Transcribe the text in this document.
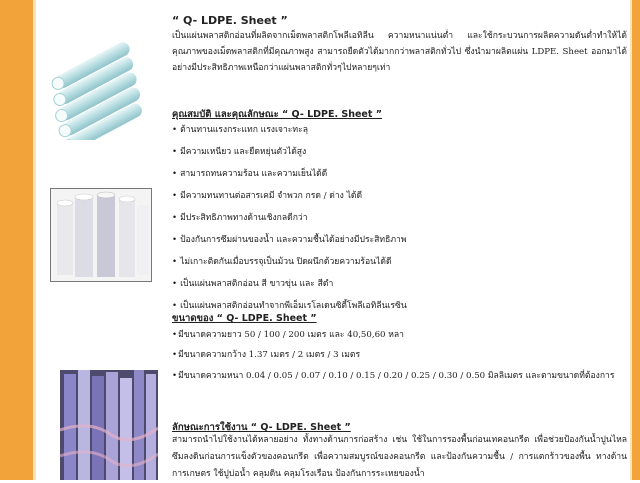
“ Q- LDPE. Sheet ”
เป็นแผ่นพลาสติกอ่อนที่ผลิตจากเม็ดพลาสติกโพลีเอทิลีน ความหนาแน่นต่ำ และใช้กระบวนการผลิตความดันต่ำทำให้ได้คุณภาพของเม็ดพลาสติกที่มีคุณภาพสูง สามารถยืดตัวได้มากกว่าพลาสติกทั่วไป ซึ่งนำมาผลิตแผ่น LDPE. Sheet ออกมาได้อย่างมีประสิทธิภาพเหนือกว่าแผ่นพลาสติกทั่วๆไปหลายๆเท่า
คุณสมบัติ และคุณลักษณะ “ Q- LDPE. Sheet ”
• ต้านทานแรงกระแทก แรงเจาะทะลุ
• มีความเหนียว และยืดหยุ่นตัวได้สูง
• สามารถทนความร้อน และความเย็นได้ดี
• มีความทนทานต่อสารเคมี จำพวก กรด / ด่าง ได้ดี
• มีประสิทธิภาพทางด้านเชิงกลดีกว่า
• ป้องกันการซึมผ่านของน้ำ และความชื้นได้อย่างมีประสิทธิภาพ
• ไม่เกาะติดกันเมื่อบรรจุเป็นม้วน ปิดผนึกด้วยความร้อนได้ดี
• เป็นแผ่นพลาสติกอ่อน สี ขาวขุ่น และ สีดำ
• เป็นแผ่นพลาสติกอ่อนทำจากพีเอ็มเรโลเดนซิตี้โพลีเอทิลีนเรซิน
ขนาดของ “ Q- LDPE. Sheet ”
• มีขนาดความยาว 50 / 100 / 200 เมตร และ 40,50,60 หลา
• มีขนาดความกว้าง 1.37 เมตร / 2 เมตร / 3 เมตร
• มีขนาดความหนา 0.04 / 0.05 / 0.07 / 0.10 / 0.15 / 0.20 / 0.25 / 0.30 / 0.50 มิลลิเมตร และตามขนาดที่ต้องการ
ลักษณะการใช้งาน “ Q- LDPE. Sheet ”
สามารถนำไปใช้งานได้หลายอย่าง ทั้งทางด้านการก่อสร้าง เช่น ใช้ในการรองพื้นก่อนเทคอนกรีต เพื่อช่วยป้องกันน้ำปูนไหลซึมลงดินก่อนการแข็งตัวของคอนกรีต เพื่อความสมบูรณ์ของคอนกรีต และป้องกันความชื้น / การแตกร้าวของพื้น ทางด้านการเกษตร ใช้ปูบ่อน้ำ คลุมดิน คลุมโรงเรือน ป้องกันการระเหยของน้ำ
